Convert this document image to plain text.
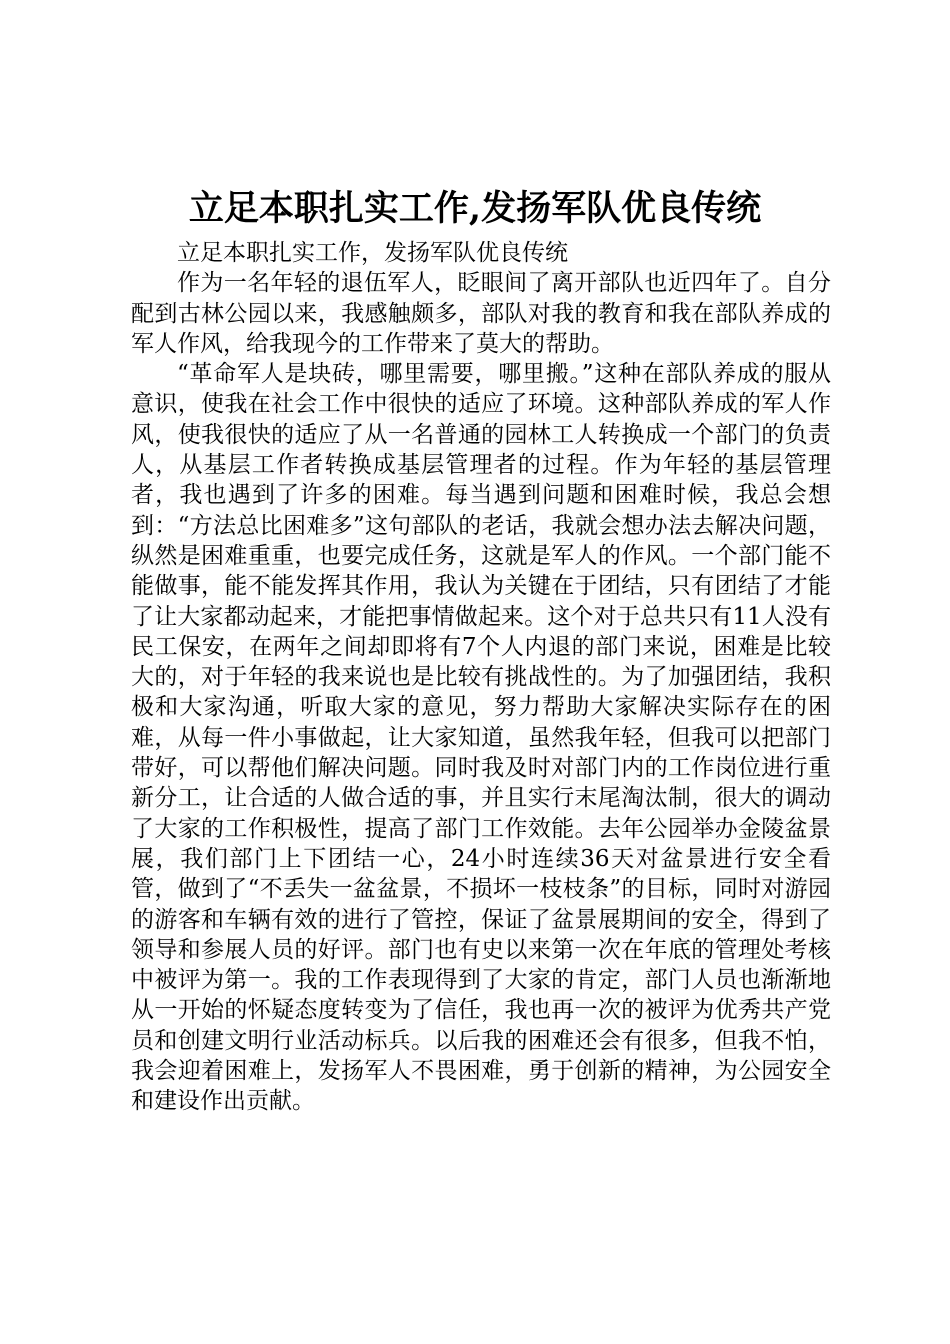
立足本职扎实工作,发扬军队优良传统

立足本职扎实工作，发扬军队优良传统

作为一名年轻的退伍军人，眨眼间了离开部队也近四年了。自分配到古林公园以来，我感触颇多，部队对我的教育和我在部队养成的军人作风，给我现今的工作带来了莫大的帮助。

“革命军人是块砖，哪里需要，哪里搬。”这种在部队养成的服从意识，使我在社会工作中很快的适应了环境。这种部队养成的军人作风，使我很快的适应了从一名普通的园林工人转换成一个部门的负责人，从基层工作者转换成基层管理者的过程。作为年轻的基层管理者，我也遇到了许多的困难。每当遇到问题和困难时候，我总会想到：“方法总比困难多”这句部队的老话，我就会想办法去解决问题，纵然是困难重重，也要完成任务，这就是军人的作风。一个部门能不能做事，能不能发挥其作用，我认为关键在于团结，只有团结了才能了让大家都动起来，才能把事情做起来。这个对于总共只有11人没有民工保安，在两年之间却即将有7个人内退的部门来说，困难是比较大的，对于年轻的我来说也是比较有挑战性的。为了加强团结，我积极和大家沟通，听取大家的意见，努力帮助大家解决实际存在的困难，从每一件小事做起，让大家知道，虽然我年轻，但我可以把部门带好，可以帮他们解决问题。同时我及时对部门内的工作岗位进行重新分工，让合适的人做合适的事，并且实行末尾淘汰制，很大的调动了大家的工作积极性，提高了部门工作效能。去年公园举办金陵盆景展，我们部门上下团结一心，24小时连续36天对盆景进行安全看管，做到了“不丢失一盆盆景，不损坏一枝枝条”的目标，同时对游园的游客和车辆有效的进行了管控，保证了盆景展期间的安全，得到了领导和参展人员的好评。部门也有史以来第一次在年底的管理处考核中被评为第一。我的工作表现得到了大家的肯定，部门人员也渐渐地从一开始的怀疑态度转变为了信任，我也再一次的被评为优秀共产党员和创建文明行业活动标兵。以后我的困难还会有很多，但我不怕，我会迎着困难上，发扬军人不畏困难，勇于创新的精神，为公园安全和建设作出贡献。
